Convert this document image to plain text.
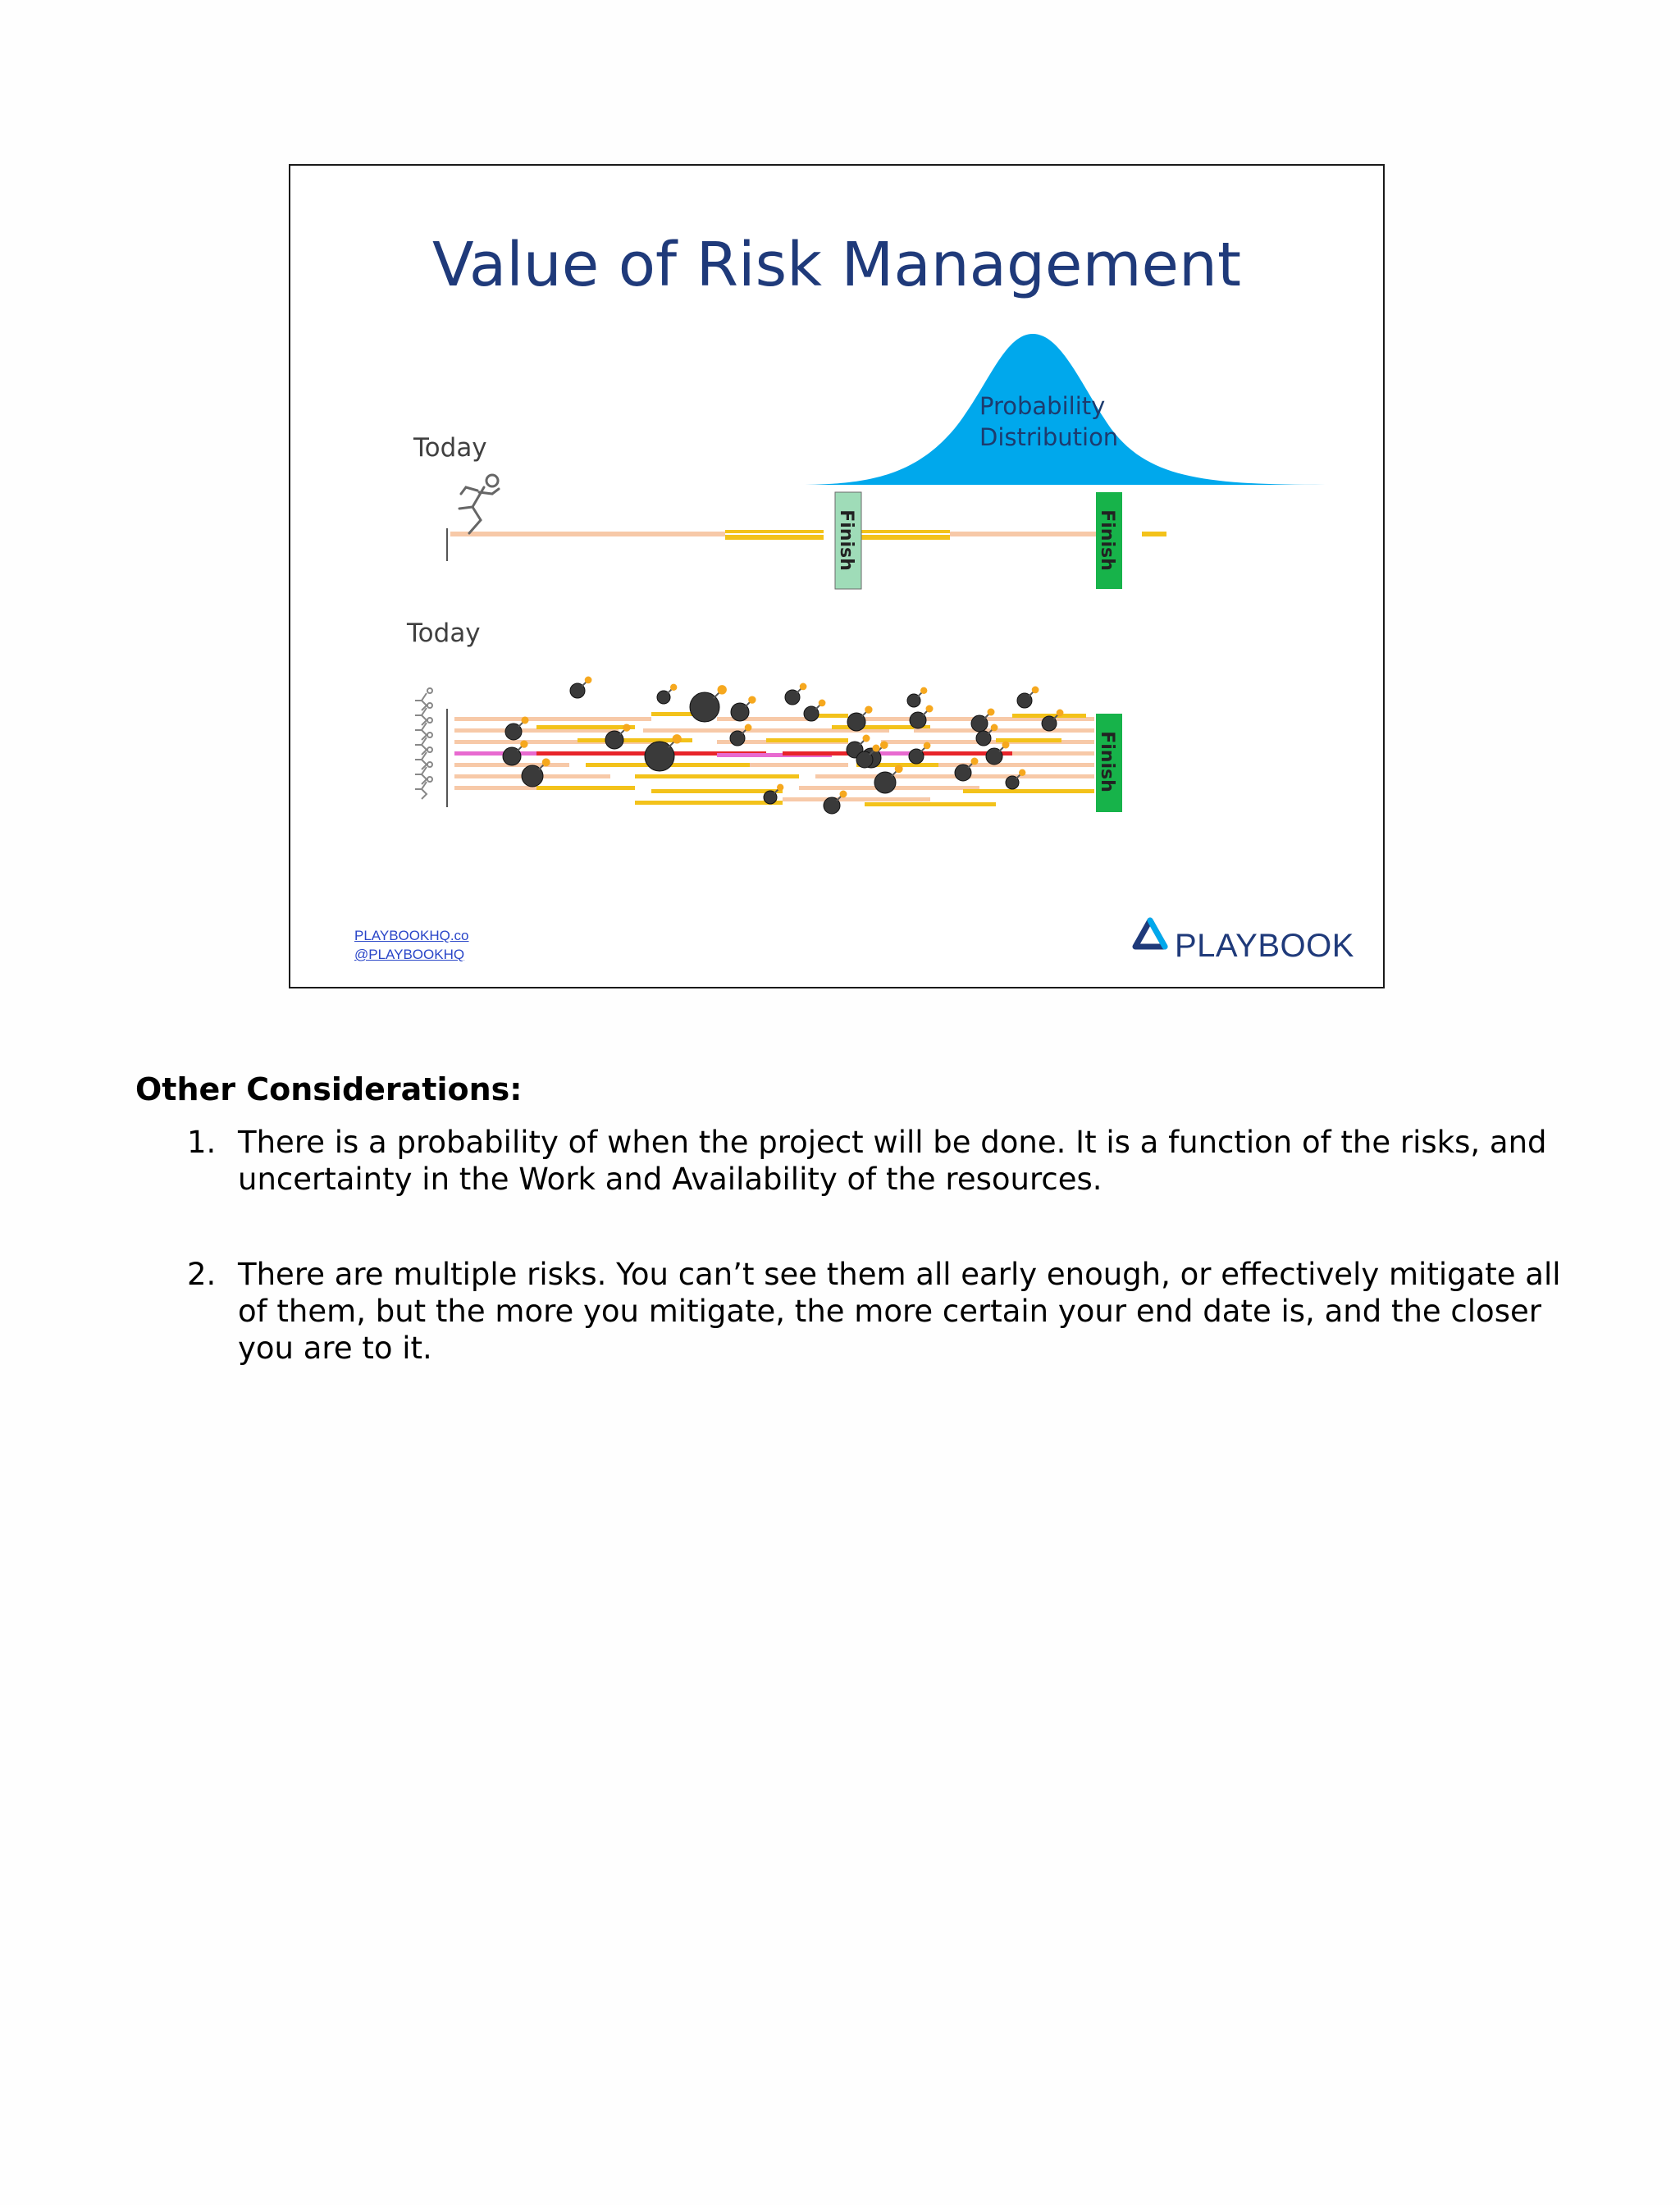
Value of Risk Management
Today
Today
Probability
Distribution
Finish	Finish
Finish
PLAYBOOKHQ.co
@PLAYBOOKHQ	PLAYBOOK
Other Considerations:
1. There is a probability of when the project will be done. It is a function of the risks, and
uncertainty in the Work and Availability of the resources.
2. There are multiple risks. You can’t see them all early enough, or effectively mitigate all
of them, but the more you mitigate, the more certain your end date is, and the closer
you are to it.
